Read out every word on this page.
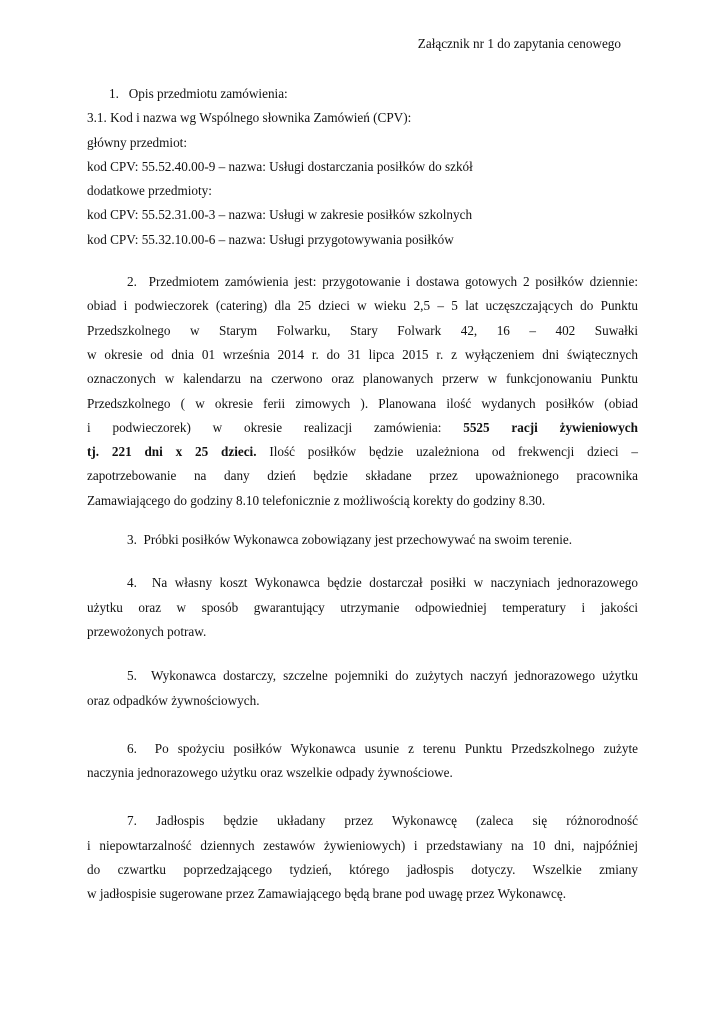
Załącznik nr 1 do zapytania cenowego
1.   Opis przedmiotu zamówienia:
3.1. Kod i nazwa wg Wspólnego słownika Zamówień (CPV):
główny przedmiot:
kod CPV: 55.52.40.00-9 – nazwa: Usługi dostarczania posiłków do szkół
dodatkowe przedmioty:
kod CPV: 55.52.31.00-3 – nazwa: Usługi w zakresie posiłków szkolnych
kod CPV: 55.32.10.00-6 – nazwa: Usługi przygotowywania posiłków
2.  Przedmiotem zamówienia jest: przygotowanie i dostawa gotowych 2 posiłków dziennie:
obiad i podwieczorek (catering) dla 25 dzieci w wieku 2,5 – 5 lat uczęszczających do Punktu
Przedszkolnego w Starym Folwarku, Stary Folwark 42, 16 – 402 Suwałki
w okresie od dnia 01 września 2014 r. do 31 lipca 2015 r. z wyłączeniem dni świątecznych
oznaczonych w kalendarzu na czerwono oraz planowanych przerw w funkcjonowaniu Punktu
Przedszkolnego ( w okresie ferii zimowych ). Planowana ilość wydanych posiłków (obiad
i podwieczorek) w okresie realizacji zamówienia: 5525 racji żywieniowych
tj. 221 dni x 25 dzieci. Ilość posiłków będzie uzależniona od frekwencji dzieci –
zapotrzebowanie na dany dzień będzie składane przez upoważnionego pracownika
Zamawiającego do godziny 8.10 telefonicznie z możliwością korekty do godziny 8.30.
3.  Próbki posiłków Wykonawca zobowiązany jest przechowywać na swoim terenie.
4.  Na własny koszt Wykonawca będzie dostarczał posiłki w naczyniach jednorazowego
użytku oraz w sposób gwarantujący utrzymanie odpowiedniej temperatury i jakości
przewożonych potraw.
5.  Wykonawca dostarczy, szczelne pojemniki do zużytych naczyń jednorazowego użytku
oraz odpadków żywnościowych.
6.  Po spożyciu posiłków Wykonawca usunie z terenu Punktu Przedszkolnego zużyte
naczynia jednorazowego użytku oraz wszelkie odpady żywnościowe.
7. Jadłospis będzie układany przez Wykonawcę (zaleca się różnorodność
i niepowtarzalność dziennych zestawów żywieniowych) i przedstawiany na 10 dni, najpóźniej
do czwartku poprzedzającego tydzień, którego jadłospis dotyczy. Wszelkie zmiany
w jadłospisie sugerowane przez Zamawiającego będą brane pod uwagę przez Wykonawcę.
